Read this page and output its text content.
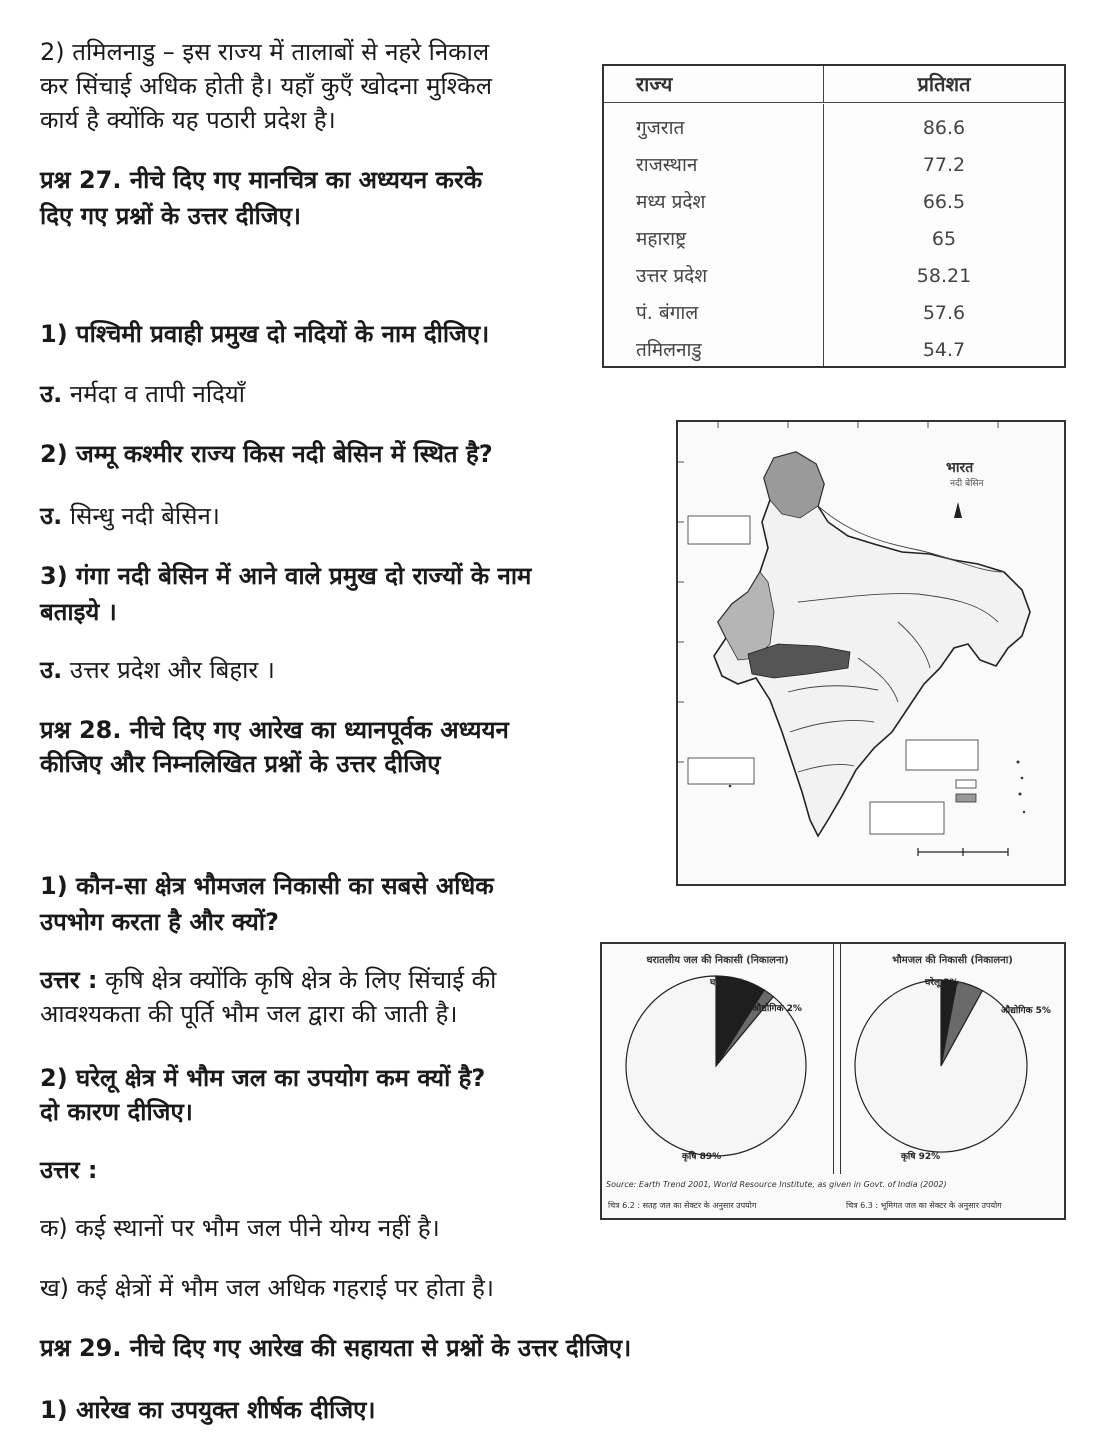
2) तमिलनाडु – इस राज्य में तालाबों से नहरे निकाल

कर सिंचाई अधिक होती है। यहाँ कुएँ खोदना मुश्किल

कार्य है क्योंकि यह पठारी प्रदेश है।

प्रश्न 27. नीचे दिए गए मानचित्र का अध्ययन करके

दिए गए प्रश्नों के उत्तर दीजिए।

1) पश्चिमी प्रवाही प्रमुख दो नदियों के नाम दीजिए।

उ. नर्मदा व तापी नदियाँ

2) जम्मू कश्मीर राज्य किस नदी बेसिन में स्थित है?

उ. सिन्धु नदी बेसिन।

3) गंगा नदी बेसिन में आने वाले प्रमुख दो राज्यों के नाम

बताइये ।

उ. उत्तर प्रदेश और बिहार ।

प्रश्न 28. नीचे दिए गए आरेख का ध्यानपूर्वक अध्ययन

कीजिए और निम्नलिखित प्रश्नों के उत्तर दीजिए

1) कौन-सा क्षेत्र भौमजल निकासी का सबसे अधिक

उपभोग करता है और क्यों?

उत्तर : कृषि क्षेत्र क्योंकि कृषि क्षेत्र के लिए सिंचाई की

आवश्यकता की पूर्ति भौम जल द्वारा की जाती है।

2) घरेलू क्षेत्र में भौम जल का उपयोग कम क्यों है?

दो कारण दीजिए।

उत्तर :

क) कई स्थानों पर भौम जल पीने योग्य नहीं है।

ख) कई क्षेत्रों में भौम जल अधिक गहराई पर होता है।

प्रश्न 29. नीचे दिए गए आरेख की सहायता से प्रश्नों के उत्तर दीजिए।

1) आरेख का उपयुक्त शीर्षक दीजिए।

राज्य	प्रतिशत
गुजरात
राजस्थान
मध्य प्रदेश
महाराष्ट्र
उत्तर प्रदेश
पं. बंगाल
तमिलनाडु
86.6
77.2
66.5
65
58.21
57.6
54.7
भारत
नदी बेसिन
धरातलीय जल की निकासी (निकालना)
घरेलू 9%
औद्योगिक 2%
कृषि 89%
भौमजल की निकासी (निकालना)
घरेलू 3%
औद्योगिक 5%
कृषि 92%
Source: Earth Trend 2001, World Resource Institute, as given in Govt. of India (2002)
चित्र 6.2 : सतह जल का सेक्टर के अनुसार उपयोग	चित्र 6.3 : भूमिगत जल का सेक्टर के अनुसार उपयोग
